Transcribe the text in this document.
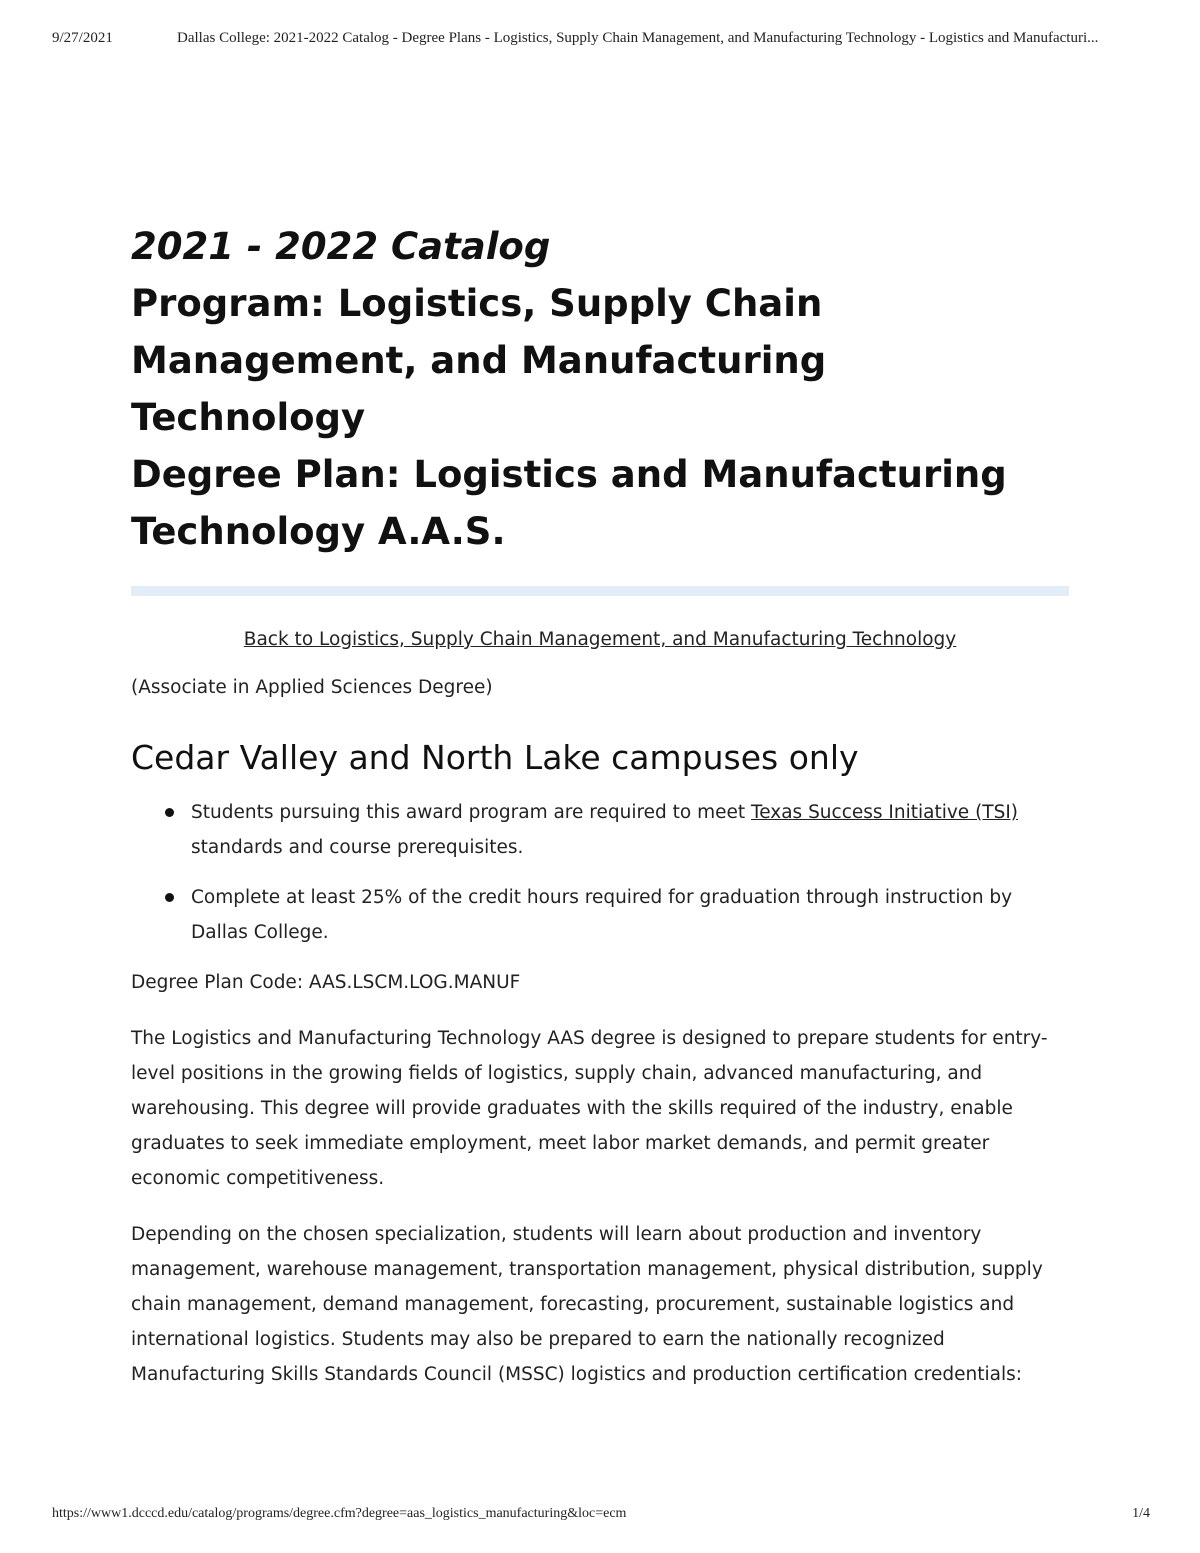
9/27/2021	Dallas College: 2021-2022 Catalog - Degree Plans - Logistics, Supply Chain Management, and Manufacturing Technology - Logistics and Manufacturi...
2021 - 2022 Catalog
Program: Logistics, Supply Chain
Management, and Manufacturing
Technology
Degree Plan: Logistics and Manufacturing
Technology A.A.S.
Back to Logistics, Supply Chain Management, and Manufacturing Technology

(Associate in Applied Sciences Degree)

Cedar Valley and North Lake campuses only
Students pursuing this award program are required to meet Texas Success Initiative (TSI) standards and course prerequisites.
Complete at least 25% of the credit hours required for graduation through instruction by Dallas College.

Degree Plan Code: AAS.LSCM.LOG.MANUF

The Logistics and Manufacturing Technology AAS degree is designed to prepare students for entry-level positions in the growing fields of logistics, supply chain, advanced manufacturing, and warehousing. This degree will provide graduates with the skills required of the industry, enable graduates to seek immediate employment, meet labor market demands, and permit greater economic competitiveness.

Depending on the chosen specialization, students will learn about production and inventory management, warehouse management, transportation management, physical distribution, supply chain management, demand management, forecasting, procurement, sustainable logistics and international logistics. Students may also be prepared to earn the nationally recognized Manufacturing Skills Standards Council (MSSC) logistics and production certification credentials:

https://www1.dcccd.edu/catalog/programs/degree.cfm?degree=aas_logistics_manufacturing&loc=ecm	1/4
